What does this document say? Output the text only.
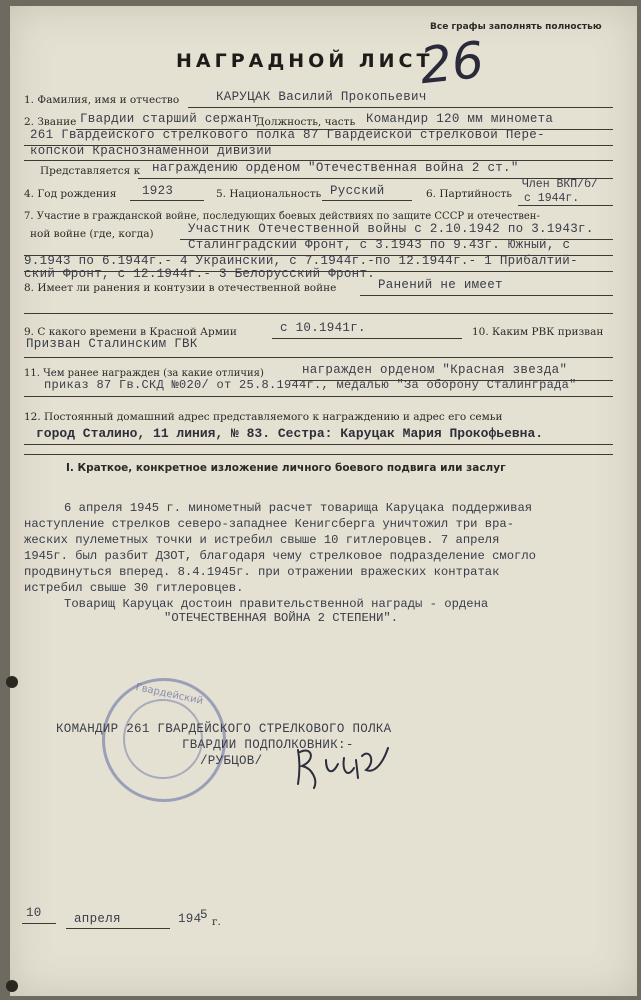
Все графы заполнять полностью
НАГРАДНОЙ ЛИСТ
26
1. Фамилия, имя и отчество	КАРУЦАК Василий Прокопьевич
2. Звание Гвардии старший сержант
Должность, часть Командир 120 мм миномета
261 Гвардейского стрелкового полка 87 Гвардейской стрелковой Пере-
копской Краснознаменной дивизии
Представляется к награждению орденом "Отечественная война 2 ст."
4. Год рождения 1923	5. Национальность Русский	6. Партийность
Член ВКП/б/
с 1944г.
7. Участие в гражданской войне, последующих боевых действиях по защите СССР и отечествен-
ной войне (где, когда)	Участник Отечественной войны с 2.10.1942 по 3.1943г.
Сталинградский Фронт, с 3.1943 по 9.43г. Южный, с
9.1943 по 6.1944г.- 4 Украинский, с 7.1944г.-по 12.1944г.- 1 Прибалтий-
ский Фронт, с 12.1944г.- 3 Белорусский Фронт.
8. Имеет ли ранения и контузии в отечественной войне	Ранений не имеет
9. С какого времени в Красной Армии	с 10.1941г.	10. Каким РВК призван
Призван Сталинским ГВК
11. Чем ранее награжден (за какие отличия)	награжден орденом "Красная звезда"
приказ 87 Гв.СКД №020/ от 25.8.1944г., медалью "За оборону Сталинграда"
12. Постоянный домашний адрес представляемого к награждению и адрес его семьи
город Сталино, 11 линия, № 83. Сестра: Каруцак Мария Прокофьевна.
I. Краткое, конкретное изложение личного боевого подвига или заслуг
6 апреля 1945 г. минометный расчет товарища Каруцака поддерживая
наступление стрелков северо-западнее Кенигсберга уничтожил три вра-
жеских пулеметных точки и истребил свыше 10 гитлеровцев. 7 апреля
1945г. был разбит ДЗОТ, благодаря чему стрелковое подразделение смогло
продвинуться вперед. 8.4.1945г. при отражении вражеских контратак
истребил свыше 30 гитлеровцев.
Товарищ Каруцак достоин правительственной награды - ордена
"ОТЕЧЕСТВЕННАЯ ВОЙНА 2 СТЕПЕНИ".
Гвардейский
КОМАНДИР 261 ГВАРДЕЙСКОГО СТРЕЛКОВОГО ПОЛКА
ГВАРДИИ ПОДПОЛКОВНИК:-
/РУБЦОВ/
10	апреля	194
5 г.
